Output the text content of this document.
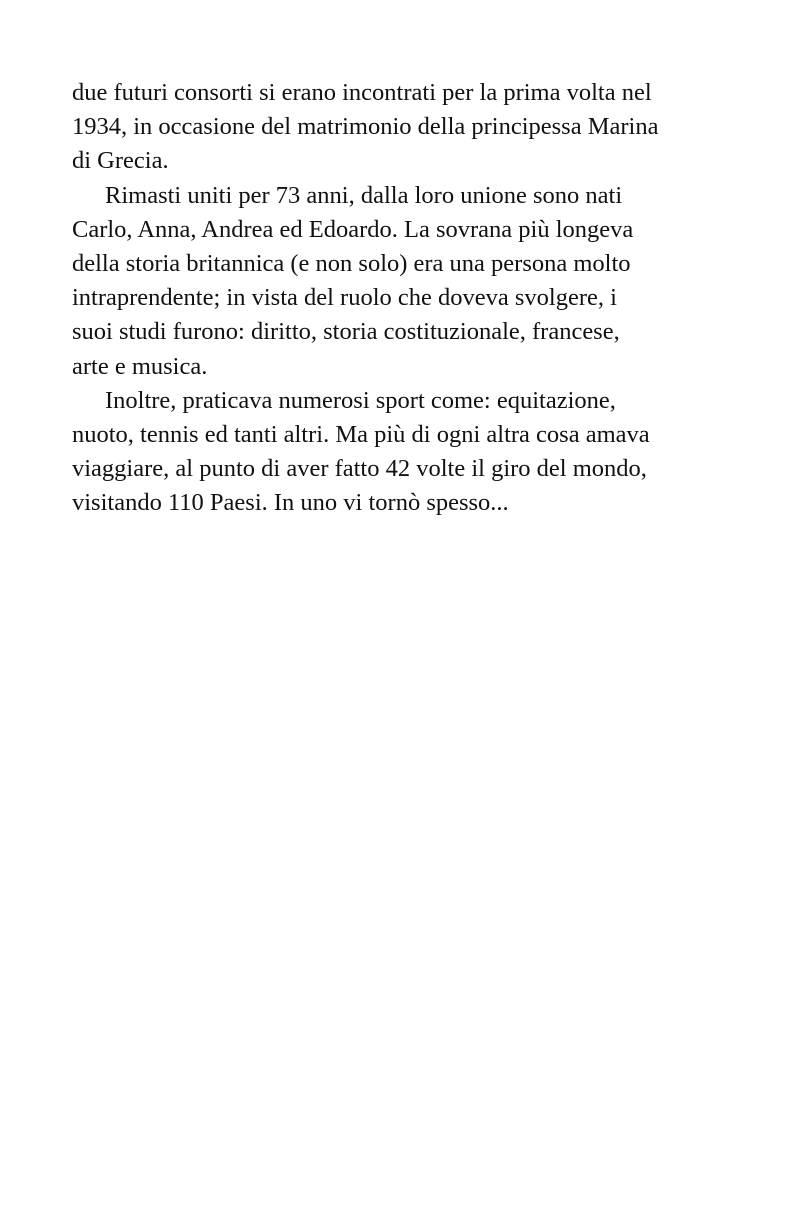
due futuri consorti si erano incontrati per la prima volta nel
1934, in occasione del matrimonio della principessa Marina
di Grecia.

Rimasti uniti per 73 anni, dalla loro unione sono nati
Carlo, Anna, Andrea ed Edoardo. La sovrana più longeva
della storia britannica (e non solo) era una persona molto
intraprendente; in vista del ruolo che doveva svolgere, i
suoi studi furono: diritto, storia costituzionale, francese,
arte e musica.

Inoltre, praticava numerosi sport come: equitazione,
nuoto, tennis ed tanti altri. Ma più di ogni altra cosa amava
viaggiare, al punto di aver fatto 42 volte il giro del mondo,
visitando 110 Paesi. In uno vi tornò spesso...
